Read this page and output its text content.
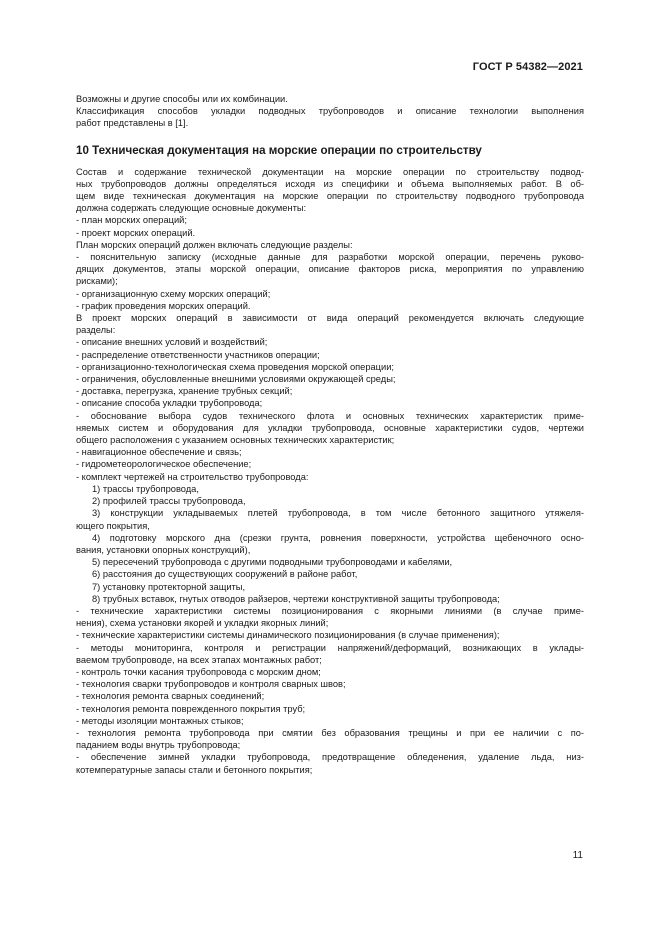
ГОСТ Р 54382—2021
Возможны и другие способы или их комбинации.
Классификация способов укладки подводных трубопроводов и описание технологии выполнения
работ представлены в [1].
10 Техническая документация на морские операции по строительству
Состав и содержание технической документации на морские операции по строительству подвод-
ных трубопроводов должны определяться исходя из специфики и объема выполняемых работ. В об-
щем виде техническая документация на морские операции по строительству подводного трубопровода
должна содержать следующие основные документы:
- план морских операций;
- проект морских операций.
План морских операций должен включать следующие разделы:
- пояснительную записку (исходные данные для разработки морской операции, перечень руково-
дящих документов, этапы морской операции, описание факторов риска, мероприятия по управлению
рисками);
- организационную схему морских операций;
- график проведения морских операций.
В проект морских операций в зависимости от вида операций рекомендуется включать следующие
разделы:
- описание внешних условий и воздействий;
- распределение ответственности участников операции;
- организационно-технологическая схема проведения морской операции;
- ограничения, обусловленные внешними условиями окружающей среды;
- доставка, перегрузка, хранение трубных секций;
- описание способа укладки трубопровода;
- обоснование выбора судов технического флота и основных технических характеристик приме-
няемых систем и оборудования для укладки трубопровода, основные характеристики судов, чертежи
общего расположения с указанием основных технических характеристик;
- навигационное обеспечение и связь;
- гидрометеорологическое обеспечение;
- комплект чертежей на строительство трубопровода:
1) трассы трубопровода,
2) профилей трассы трубопровода,
3) конструкции укладываемых плетей трубопровода, в том числе бетонного защитного утяжеля-
ющего покрытия,
4) подготовку морского дна (срезки грунта, ровнения поверхности, устройства щебеночного осно-
вания, установки опорных конструкций),
5) пересечений трубопровода с другими подводными трубопроводами и кабелями,
6) расстояния до существующих сооружений в районе работ,
7) установку протекторной защиты,
8) трубных вставок, гнутых отводов райзеров, чертежи конструктивной защиты трубопровода;
- технические характеристики системы позиционирования с якорными линиями (в случае приме-
нения), схема установки якорей и укладки якорных линий;
- технические характеристики системы динамического позиционирования (в случае применения);
- методы мониторинга, контроля и регистрации напряжений/деформаций, возникающих в уклады-
ваемом трубопроводе, на всех этапах монтажных работ;
- контроль точки касания трубопровода с морским дном;
- технология сварки трубопроводов и контроля сварных швов;
- технология ремонта сварных соединений;
- технология ремонта поврежденного покрытия труб;
- методы изоляции монтажных стыков;
- технология ремонта трубопровода при смятии без образования трещины и при ее наличии с по-
паданием воды внутрь трубопровода;
- обеспечение зимней укладки трубопровода, предотвращение обледенения, удаление льда, низ-
котемпературные запасы стали и бетонного покрытия;
11
